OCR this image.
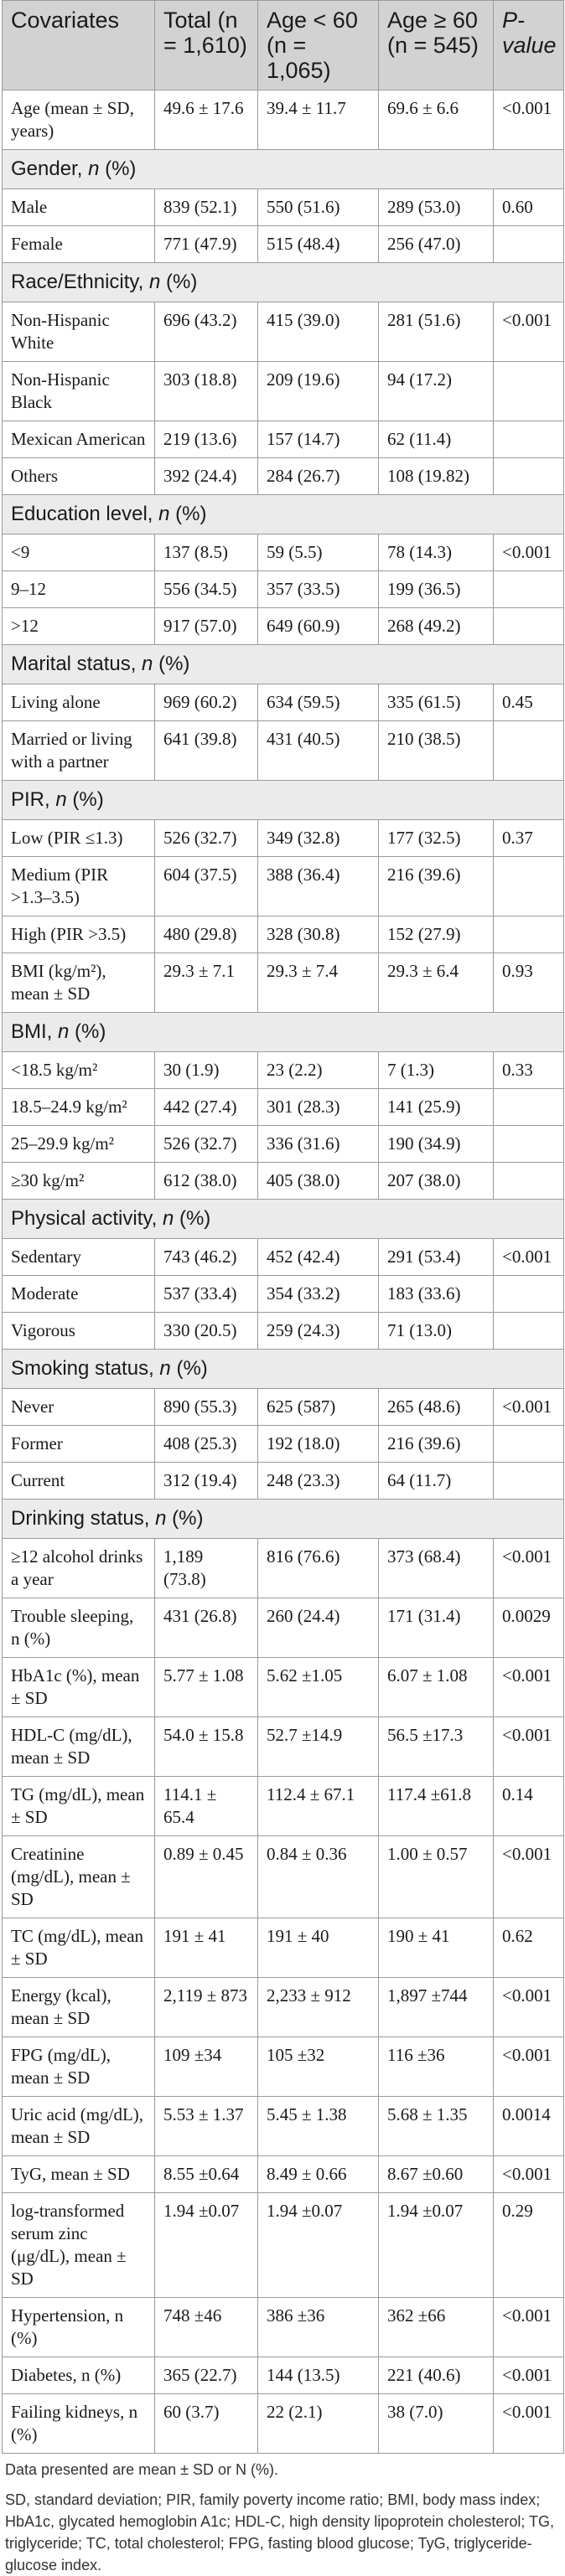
Covariates	Total (n = 1,610)	Age < 60 (n = 1,065)	Age ≥ 60 (n = 545)	P-value
Age (mean ± SD, years)	49.6 ± 17.6	39.4 ± 11.7	69.6 ± 6.6	<0.001
Gender, n (%)				
Male	839 (52.1)	550 (51.6)	289 (53.0)	0.60
Female	771 (47.9)	515 (48.4)	256 (47.0)	
Race/Ethnicity, n (%)				
Non-Hispanic White	696 (43.2)	415 (39.0)	281 (51.6)	<0.001
Non-Hispanic Black	303 (18.8)	209 (19.6)	94 (17.2)	
Mexican American	219 (13.6)	157 (14.7)	62 (11.4)	
Others	392 (24.4)	284 (26.7)	108 (19.82)	
Education level, n (%)				
<9	137 (8.5)	59 (5.5)	78 (14.3)	<0.001
9–12	556 (34.5)	357 (33.5)	199 (36.5)	
>12	917 (57.0)	649 (60.9)	268 (49.2)	
Marital status, n (%)				
Living alone	969 (60.2)	634 (59.5)	335 (61.5)	0.45
Married or living with a partner	641 (39.8)	431 (40.5)	210 (38.5)	
PIR, n (%)				
Low (PIR ≤1.3)	526 (32.7)	349 (32.8)	177 (32.5)	0.37
Medium (PIR >1.3–3.5)	604 (37.5)	388 (36.4)	216 (39.6)	
High (PIR >3.5)	480 (29.8)	328 (30.8)	152 (27.9)	
BMI (kg/m²), mean ± SD	29.3 ± 7.1	29.3 ± 7.4	29.3 ± 6.4	0.93
BMI, n (%)				
<18.5 kg/m²	30 (1.9)	23 (2.2)	7 (1.3)	0.33
18.5–24.9 kg/m²	442 (27.4)	301 (28.3)	141 (25.9)	
25–29.9 kg/m²	526 (32.7)	336 (31.6)	190 (34.9)	
≥30 kg/m²	612 (38.0)	405 (38.0)	207 (38.0)	
Physical activity, n (%)				
Sedentary	743 (46.2)	452 (42.4)	291 (53.4)	<0.001
Moderate	537 (33.4)	354 (33.2)	183 (33.6)	
Vigorous	330 (20.5)	259 (24.3)	71 (13.0)	
Smoking status, n (%)				
Never	890 (55.3)	625 (587)	265 (48.6)	<0.001
Former	408 (25.3)	192 (18.0)	216 (39.6)	
Current	312 (19.4)	248 (23.3)	64 (11.7)	
Drinking status, n (%)				
≥12 alcohol drinks a year	1,189 (73.8)	816 (76.6)	373 (68.4)	<0.001
Trouble sleeping, n (%)	431 (26.8)	260 (24.4)	171 (31.4)	0.0029
HbA1c (%), mean ± SD	5.77 ± 1.08	5.62 ±1.05	6.07 ± 1.08	<0.001
HDL-C (mg/dL), mean ± SD	54.0 ± 15.8	52.7 ±14.9	56.5 ±17.3	<0.001
TG (mg/dL), mean ± SD	114.1 ± 65.4	112.4 ± 67.1	117.4 ±61.8	0.14
Creatinine (mg/dL), mean ± SD	0.89 ± 0.45	0.84 ± 0.36	1.00 ± 0.57	<0.001
TC (mg/dL), mean ± SD	191 ± 41	191 ± 40	190 ± 41	0.62
Energy (kcal), mean ± SD	2,119 ± 873	2,233 ± 912	1,897 ±744	<0.001
FPG (mg/dL), mean ± SD	109 ±34	105 ±32	116 ±36	<0.001
Uric acid (mg/dL), mean ± SD	5.53 ± 1.37	5.45 ± 1.38	5.68 ± 1.35	0.0014
TyG, mean ± SD	8.55 ±0.64	8.49 ± 0.66	8.67 ±0.60	<0.001
log-transformed serum zinc (μg/dL), mean ± SD	1.94 ±0.07	1.94 ±0.07	1.94 ±0.07	0.29
Hypertension, n (%)	748 ±46	386 ±36	362 ±66	<0.001
Diabetes, n (%)	365 (22.7)	144 (13.5)	221 (40.6)	<0.001
Failing kidneys, n (%)	60 (3.7)	22 (2.1)	38 (7.0)	<0.001

Data presented are mean ± SD or N (%).

SD, standard deviation; PIR, family poverty income ratio; BMI, body mass index; HbA1c, glycated hemoglobin A1c; HDL-C, high density lipoprotein cholesterol; TG, triglyceride; TC, total cholesterol; FPG, fasting blood glucose; TyG, triglyceride-glucose index.
